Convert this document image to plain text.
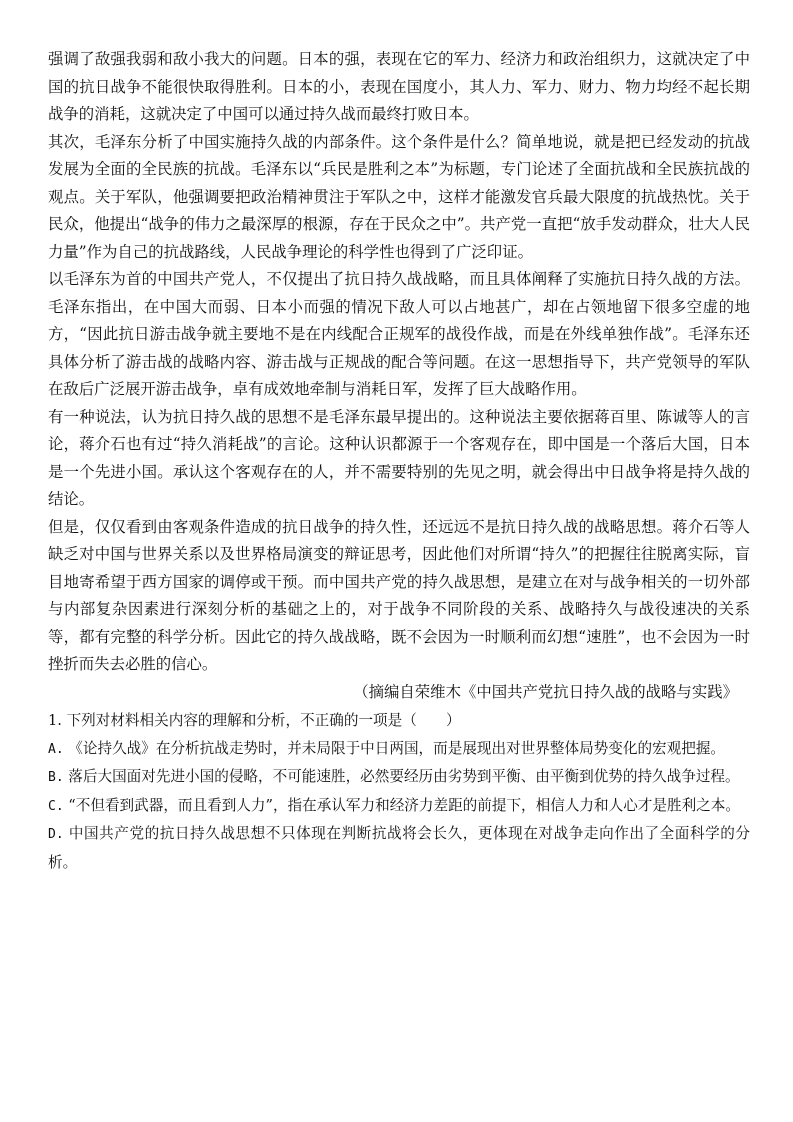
强调了敌强我弱和敌小我大的问题。日本的强，表现在它的军力、经济力和政治组织力，这就决定了中国的抗日战争不能很快取得胜利。日本的小，表现在国度小，其人力、军力、财力、物力均经不起长期战争的消耗，这就决定了中国可以通过持久战而最终打败日本。

其次，毛泽东分析了中国实施持久战的内部条件。这个条件是什么？简单地说，就是把已经发动的抗战发展为全面的全民族的抗战。毛泽东以“兵民是胜利之本”为标题，专门论述了全面抗战和全民族抗战的观点。关于军队，他强调要把政治精神贯注于军队之中，这样才能激发官兵最大限度的抗战热忱。关于民众，他提出“战争的伟力之最深厚的根源，存在于民众之中”。共产党一直把“放手发动群众，壮大人民力量”作为自己的抗战路线，人民战争理论的科学性也得到了广泛印证。

以毛泽东为首的中国共产党人，不仅提出了抗日持久战战略，而且具体阐释了实施抗日持久战的方法。毛泽东指出，在中国大而弱、日本小而强的情况下敌人可以占地甚广，却在占领地留下很多空虚的地方，“因此抗日游击战争就主要地不是在内线配合正规军的战役作战，而是在外线单独作战”。毛泽东还具体分析了游击战的战略内容、游击战与正规战的配合等问题。在这一思想指导下，共产党领导的军队在敌后广泛展开游击战争，卓有成效地牵制与消耗日军，发挥了巨大战略作用。

有一种说法，认为抗日持久战的思想不是毛泽东最早提出的。这种说法主要依据蒋百里、陈诚等人的言论，蒋介石也有过“持久消耗战”的言论。这种认识都源于一个客观存在，即中国是一个落后大国，日本是一个先进小国。承认这个客观存在的人，并不需要特别的先见之明，就会得出中日战争将是持久战的结论。

但是，仅仅看到由客观条件造成的抗日战争的持久性，还远远不是抗日持久战的战略思想。蒋介石等人缺乏对中国与世界关系以及世界格局演变的辩证思考，因此他们对所谓“持久”的把握往往脱离实际，盲目地寄希望于西方国家的调停或干预。而中国共产党的持久战思想，是建立在对与战争相关的一切外部与内部复杂因素进行深刻分析的基础之上的，对于战争不同阶段的关系、战略持久与战役速决的关系等，都有完整的科学分析。因此它的持久战战略，既不会因为一时顺利而幻想“速胜”，也不会因为一时挫折而失去必胜的信心。

（摘编自荣维木《中国共产党抗日持久战的战略与实践》

1. 下列对材料相关内容的理解和分析，不正确的一项是（　　）

A. 《论持久战》在分析抗战走势时，并未局限于中日两国，而是展现出对世界整体局势变化的宏观把握。

B. 落后大国面对先进小国的侵略，不可能速胜，必然要经历由劣势到平衡、由平衡到优势的持久战争过程。

C. “不但看到武器，而且看到人力”，指在承认军力和经济力差距的前提下，相信人力和人心才是胜利之本。

D. 中国共产党的抗日持久战思想不只体现在判断抗战将会长久，更体现在对战争走向作出了全面科学的分析。
